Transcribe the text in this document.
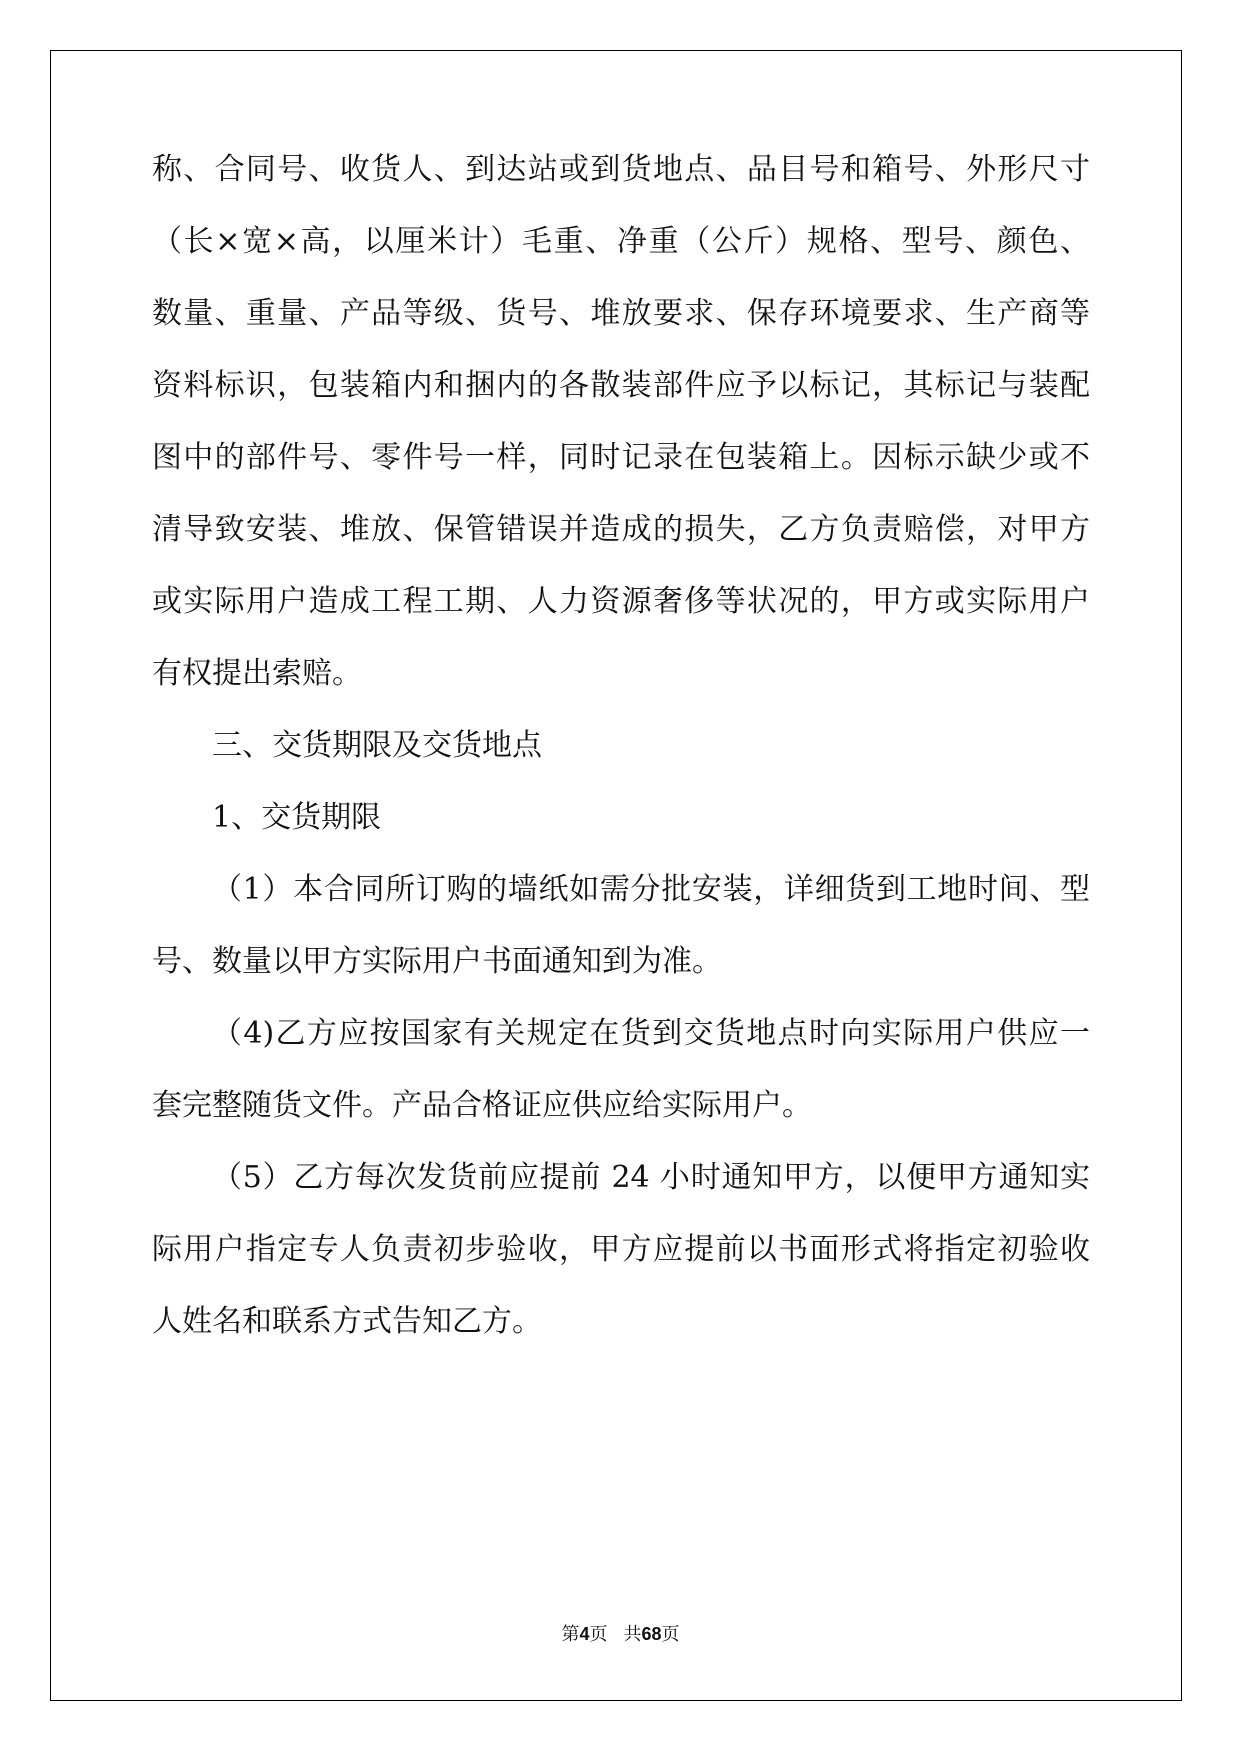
称、合同号、收货人、到达站或到货地点、品目号和箱号、外形尺寸

（长×宽×高，以厘米计）毛重、净重（公斤）规格、型号、颜色、

数量、重量、产品等级、货号、堆放要求、保存环境要求、生产商等

资料标识，包装箱内和捆内的各散装部件应予以标记，其标记与装配

图中的部件号、零件号一样，同时记录在包装箱上。因标示缺少或不

清导致安装、堆放、保管错误并造成的损失，乙方负责赔偿，对甲方

或实际用户造成工程工期、人力资源奢侈等状况的，甲方或实际用户

有权提出索赔。

三、交货期限及交货地点

1、交货期限

（1）本合同所订购的墙纸如需分批安装，详细货到工地时间、型

号、数量以甲方实际用户书面通知到为准。

（4)乙方应按国家有关规定在货到交货地点时向实际用户供应一

套完整随货文件。产品合格证应供应给实际用户。

（5）乙方每次发货前应提前 24 小时通知甲方，以便甲方通知实

际用户指定专人负责初步验收，甲方应提前以书面形式将指定初验收

人姓名和联系方式告知乙方。

第4页 共68页
